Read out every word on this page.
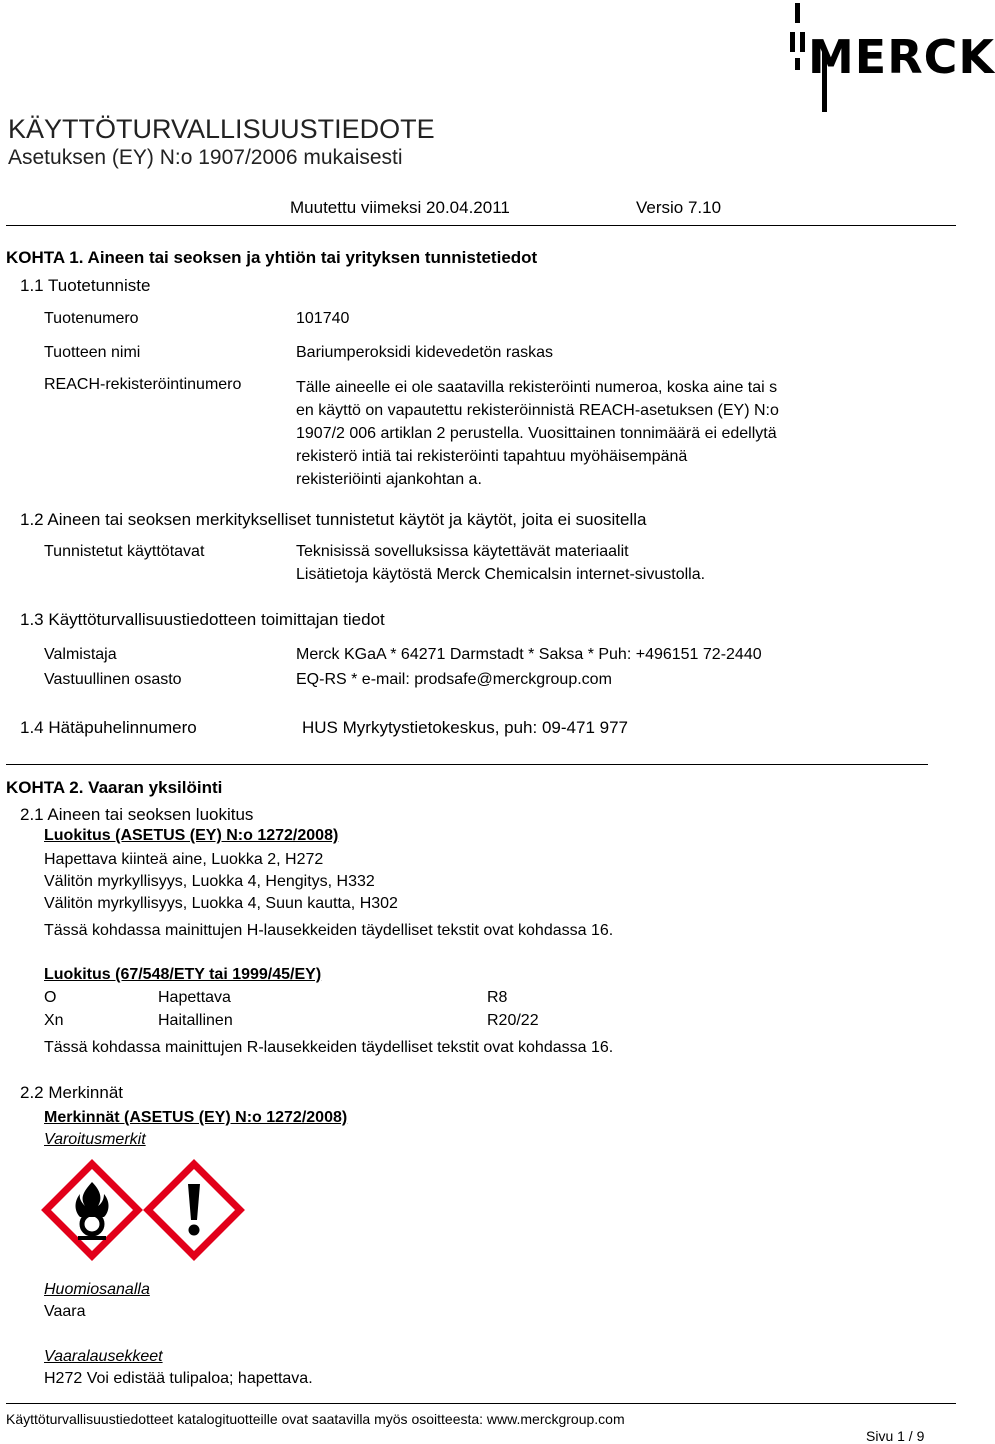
MERCK
KÄYTTÖTURVALLISUUSTIEDOTE
Asetuksen (EY) N:o 1907/2006 mukaisesti
Muutettu viimeksi 20.04.2011	Versio 7.10
KOHTA 1. Aineen tai seoksen ja yhtiön tai yrityksen tunnistetiedot
1.1 Tuotetunniste
Tuotenumero	101740
Tuotteen nimi	Bariumperoksidi kidevedetön raskas
REACH-rekisteröintinumero	Tälle aineelle ei ole saatavilla rekisteröinti numeroa, koska aine tai s
en käyttö on vapautettu rekisteröinnistä REACH-asetuksen (EY) N:o
1907/2 006 artiklan 2 perustella. Vuosittainen tonnimäärä ei edellytä
rekisterö intiä tai rekisteröinti tapahtuu myöhäisempänä
rekisteriöinti ajankohtan a.
1.2 Aineen tai seoksen merkitykselliset tunnistetut käytöt ja käytöt, joita ei suositella
Tunnistetut käyttötavat	Teknisissä sovelluksissa käytettävät materiaalit
Lisätietoja käytöstä Merck Chemicalsin internet-sivustolla.
1.3 Käyttöturvallisuustiedotteen toimittajan tiedot
Valmistaja	Merck KGaA * 64271 Darmstadt * Saksa * Puh: +496151 72-2440
Vastuullinen osasto	EQ-RS * e-mail: prodsafe@merckgroup.com
1.4 Hätäpuhelinnumero	HUS Myrkytystietokeskus, puh: 09-471 977
KOHTA 2. Vaaran yksilöinti
2.1 Aineen tai seoksen luokitus
Luokitus (ASETUS (EY) N:o 1272/2008)
Hapettava kiinteä aine, Luokka 2, H272
Välitön myrkyllisyys, Luokka 4, Hengitys, H332
Välitön myrkyllisyys, Luokka 4, Suun kautta, H302
Tässä kohdassa mainittujen H-lausekkeiden täydelliset tekstit ovat kohdassa 16.
Luokitus (67/548/ETY tai 1999/45/EY)
O	Hapettava	R8
Xn	Haitallinen	R20/22
Tässä kohdassa mainittujen R-lausekkeiden täydelliset tekstit ovat kohdassa 16.
2.2 Merkinnät
Merkinnät (ASETUS (EY) N:o 1272/2008)
Varoitusmerkit
Huomiosanalla
Vaara
Vaaralausekkeet
H272 Voi edistää tulipaloa; hapettava.
Käyttöturvallisuustiedotteet katalogituotteille ovat saatavilla myös osoitteesta: www.merckgroup.com
Sivu 1 / 9
